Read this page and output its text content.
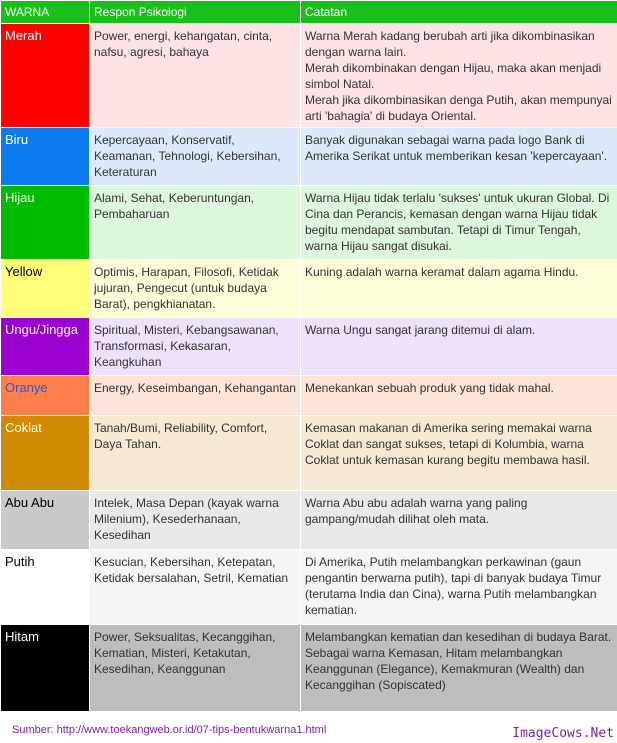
WARNA	Respon Psikologi	Catatan

Merah	Power, energi, kehangatan, cinta, nafsu, agresi, bahaya	Warna Merah kadang berubah arti jika dikombinasikan dengan warna lain.
Merah dikombinakan dengan Hijau, maka akan menjadi simbol Natal.
Merah jika dikombinasikan denga Putih, akan mempunyai arti 'bahagia' di budaya Oriental.

Biru	Kepercayaan, Konservatif, Keamanan, Tehnologi, Kebersihan, Keteraturan	Banyak digunakan sebagai warna pada logo Bank di Amerika Serikat untuk memberikan kesan 'kepercayaan'.

Hijau	Alami, Sehat, Keberuntungan, Pembaharuan	Warna Hijau tidak terlalu 'sukses' untuk ukuran Global. Di Cina dan Perancis, kemasan dengan warna Hijau tidak begitu mendapat sambutan. Tetapi di Timur Tengah, warna Hijau sangat disukai.

Yellow	Optimis, Harapan, Filosofi, Ketidak jujuran, Pengecut (untuk budaya Barat), pengkhianatan.	Kuning adalah warna keramat dalam agama Hindu.

Ungu/Jingga	Spiritual, Misteri, Kebangsawanan, Transformasi, Kekasaran, Keangkuhan	Warna Ungu sangat jarang ditemui di alam.

Oranye	Energy, Keseimbangan, Kehangantan	Menekankan sebuah produk yang tidak mahal.

Coklat	Tanah/Bumi, Reliability, Comfort, Daya Tahan.	Kemasan makanan di Amerika sering memakai warna Coklat dan sangat sukses, tetapi di Kolumbia, warna Coklat untuk kemasan kurang begitu membawa hasil.

Abu Abu	Intelek, Masa Depan (kayak warna Milenium), Kesederhanaan, Kesedihan	Warna Abu abu adalah warna yang paling gampang/mudah dilihat oleh mata.

Putih	Kesucian, Kebersihan, Ketepatan, Ketidak bersalahan, Setril, Kematian	Di Amerika, Putih melambangkan perkawinan (gaun pengantin berwarna putih), tapi di banyak budaya Timur (terutama India dan Cina), warna Putih melambangkan kematian.

Hitam	Power, Seksualitas, Kecanggihan, Kematian, Misteri, Ketakutan, Kesedihan, Keanggunan	Melambangkan kematian dan kesedihan di budaya Barat.
Sebagai warna Kemasan, Hitam melambangkan Keanggunan (Elegance), Kemakmuran (Wealth) dan Kecanggihan (Sopiscated)
Sumber: http://www.toekangweb.or.id/07-tips-bentukwarna1.html	ImageCows.Net
